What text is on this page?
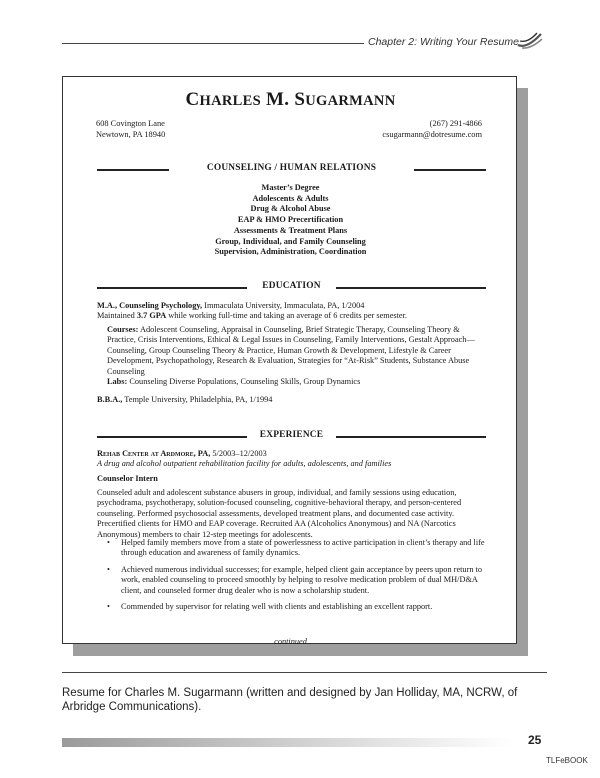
Chapter 2: Writing Your Resume
CHARLES M. SUGARMANN
608 Covington Lane
Newtown, PA 18940
(267) 291-4866
csugarmann@dotresume.com
COUNSELING / HUMAN RELATIONS
Master’s Degree
Adolescents & Adults
Drug & Alcohol Abuse
EAP & HMO Precertification
Assessments & Treatment Plans
Group, Individual, and Family Counseling
Supervision, Administration, Coordination
EDUCATION
M.A., Counseling Psychology, Immaculata University, Immaculata, PA, 1/2004
Maintained 3.7 GPA while working full-time and taking an average of 6 credits per semester.
Courses: Adolescent Counseling, Appraisal in Counseling, Brief Strategic Therapy, Counseling Theory & Practice, Crisis Interventions, Ethical & Legal Issues in Counseling, Family Interventions, Gestalt Approach—Counseling, Group Counseling Theory & Practice, Human Growth & Development, Lifestyle & Career Development, Psychopathology, Research & Evaluation, Strategies for “At-Risk” Students, Substance Abuse Counseling
Labs: Counseling Diverse Populations, Counseling Skills, Group Dynamics
B.B.A., Temple University, Philadelphia, PA, 1/1994
EXPERIENCE
Rehab Center at Ardmore, PA, 5/2003–12/2003
A drug and alcohol outpatient rehabilitation facility for adults, adolescents, and families
Counselor Intern
Counseled adult and adolescent substance abusers in group, individual, and family sessions using education, psychodrama, psychotherapy, solution-focused counseling, cognitive-behavioral therapy, and person-centered counseling. Performed psychosocial assessments, developed treatment plans, and documented case activity. Precertified clients for HMO and EAP coverage. Recruited AA (Alcoholics Anonymous) and NA (Narcotics Anonymous) members to chair 12-step meetings for adolescents.
• Helped family members move from a state of powerlessness to active participation in client’s therapy and life through education and awareness of family dynamics.
• Achieved numerous individual successes; for example, helped client gain acceptance by peers upon return to work, enabled counseling to proceed smoothly by helping to resolve medication problem of dual MH/D&A client, and counseled former drug dealer who is now a scholarship student.
• Commended by supervisor for relating well with clients and establishing an excellent rapport.
continued
Resume for Charles M. Sugarmann (written and designed by Jan Holliday, MA, NCRW, of Arbridge Communications).
25
TLFeBOOK
